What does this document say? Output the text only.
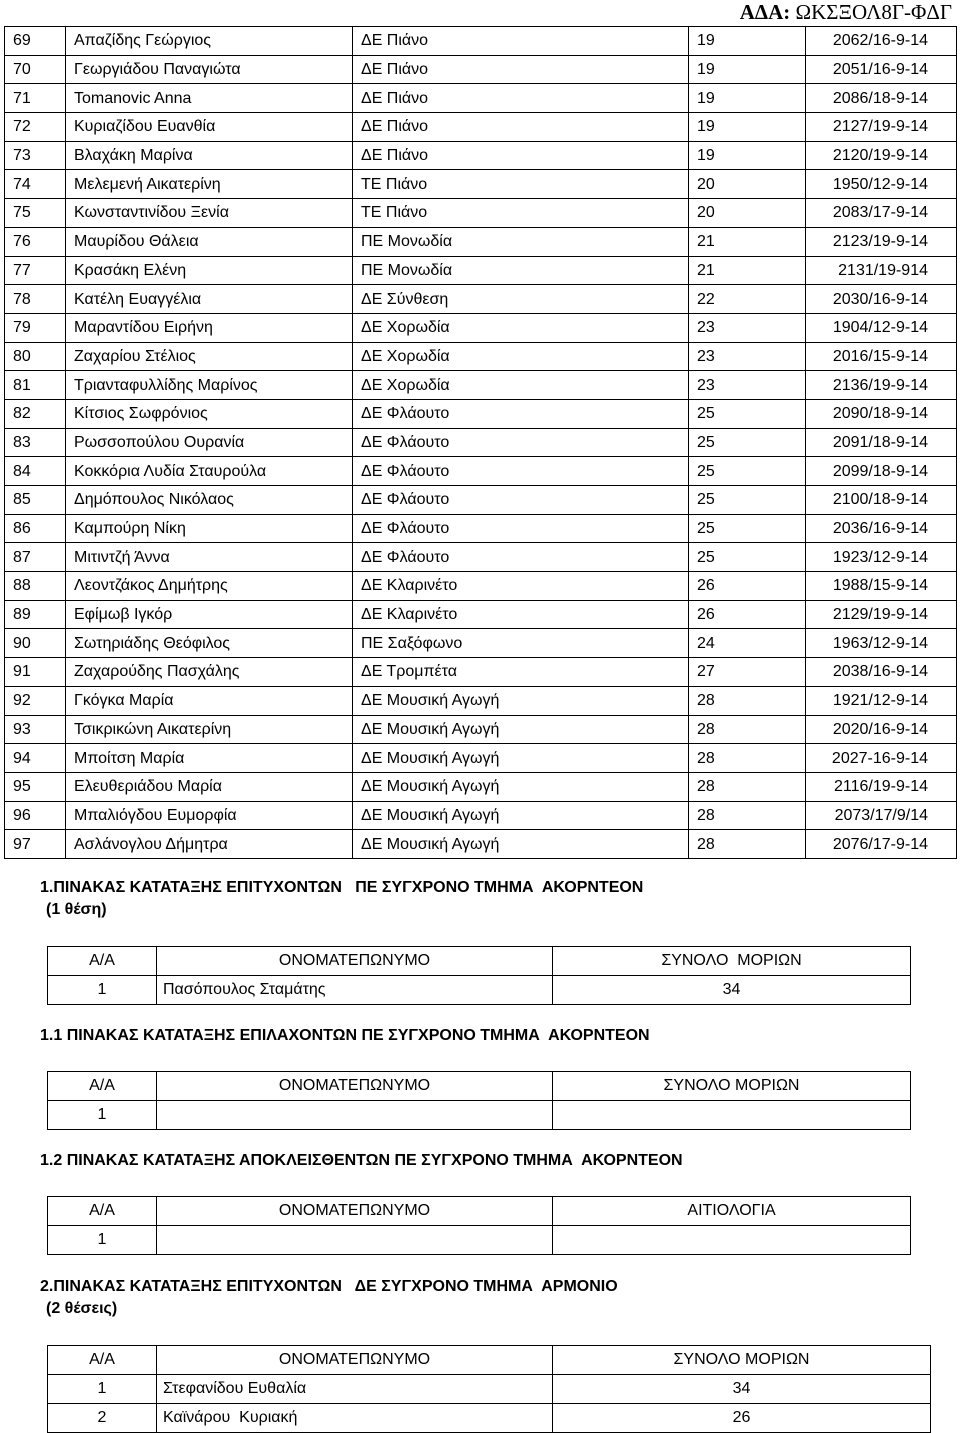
ΑΔΑ: ΩΚΣΞΟΛ8Γ-ΦΔΓ
69	Απαζίδης Γεώργιος	ΔΕ Πιάνο	19	2062/16-9-14
70	Γεωργιάδου Παναγιώτα	ΔΕ Πιάνο	19	2051/16-9-14
71	Tomanovic Anna	ΔΕ Πιάνο	19	2086/18-9-14
72	Κυριαζίδου Ευανθία	ΔΕ Πιάνο	19	2127/19-9-14
73	Βλαχάκη Μαρίνα	ΔΕ Πιάνο	19	2120/19-9-14
74	Μελεμενή Αικατερίνη	ΤΕ Πιάνο	20	1950/12-9-14
75	Κωνσταντινίδου Ξενία	ΤΕ Πιάνο	20	2083/17-9-14
76	Μαυρίδου Θάλεια	ΠΕ Μονωδία	21	2123/19-9-14
77	Κρασάκη Ελένη	ΠΕ Μονωδία	21	2131/19-914
78	Κατέλη Ευαγγέλια	ΔΕ Σύνθεση	22	2030/16-9-14
79	Μαραντίδου Ειρήνη	ΔΕ Χορωδία	23	1904/12-9-14
80	Ζαχαρίου Στέλιος	ΔΕ Χορωδία	23	2016/15-9-14
81	Τριανταφυλλίδης Μαρίνος	ΔΕ Χορωδία	23	2136/19-9-14
82	Κίτσιος Σωφρόνιος	ΔΕ Φλάουτο	25	2090/18-9-14
83	Ρωσσοπούλου Ουρανία	ΔΕ Φλάουτο	25	2091/18-9-14
84	Κοκκόρια Λυδία Σταυρούλα	ΔΕ Φλάουτο	25	2099/18-9-14
85	Δημόπουλος Νικόλαος	ΔΕ Φλάουτο	25	2100/18-9-14
86	Καμπούρη Νίκη	ΔΕ Φλάουτο	25	2036/16-9-14
87	Μιτιντζή Άννα	ΔΕ Φλάουτο	25	1923/12-9-14
88	Λεοντζάκος Δημήτρης	ΔΕ Κλαρινέτο	26	1988/15-9-14
89	Εφίμωβ Ιγκόρ	ΔΕ Κλαρινέτο	26	2129/19-9-14
90	Σωτηριάδης Θεόφιλος	ΠΕ Σαξόφωνο	24	1963/12-9-14
91	Ζαχαρούδης Πασχάλης	ΔΕ Τρομπέτα	27	2038/16-9-14
92	Γκόγκα Μαρία	ΔΕ Μουσική Αγωγή	28	1921/12-9-14
93	Τσικρικώνη Αικατερίνη	ΔΕ Μουσική Αγωγή	28	2020/16-9-14
94	Μποίτση Μαρία	ΔΕ Μουσική Αγωγή	28	2027-16-9-14
95	Ελευθεριάδου Μαρία	ΔΕ Μουσική Αγωγή	28	2116/19-9-14
96	Μπαλιόγδου Ευμορφία	ΔΕ Μουσική Αγωγή	28	2073/17/9/14
97	Ασλάνογλου Δήμητρα	ΔΕ Μουσική Αγωγή	28	2076/17-9-14
1.ΠΙΝΑΚΑΣ ΚΑΤΑΤΑΞΗΣ ΕΠΙΤΥΧΟΝΤΩΝ   ΠΕ ΣΥΓΧΡΟΝΟ ΤΜΗΜΑ  ΑΚΟΡΝΤΕΟΝ
(1 θέση)
Α/Α	ΟΝΟΜΑΤΕΠΩΝΥΜΟ	ΣΥΝΟΛΟ  ΜΟΡΙΩΝ
1	Πασόπουλος Σταμάτης	34
1.1 ΠΙΝΑΚΑΣ ΚΑΤΑΤΑΞΗΣ ΕΠΙΛΑΧΟΝΤΩΝ ΠΕ ΣΥΓΧΡΟΝΟ ΤΜΗΜΑ  ΑΚΟΡΝΤΕΟΝ
Α/Α	ΟΝΟΜΑΤΕΠΩΝΥΜΟ	ΣΥΝΟΛΟ ΜΟΡΙΩΝ
1		
1.2 ΠΙΝΑΚΑΣ ΚΑΤΑΤΑΞΗΣ ΑΠΟΚΛΕΙΣΘΕΝΤΩΝ ΠΕ ΣΥΓΧΡΟΝΟ ΤΜΗΜΑ  ΑΚΟΡΝΤΕΟΝ
Α/Α	ΟΝΟΜΑΤΕΠΩΝΥΜΟ	ΑΙΤΙΟΛΟΓΙΑ
1		
2.ΠΙΝΑΚΑΣ ΚΑΤΑΤΑΞΗΣ ΕΠΙΤΥΧΟΝΤΩΝ   ΔΕ ΣΥΓΧΡΟΝΟ ΤΜΗΜΑ  ΑΡΜΟΝΙΟ
(2 θέσεις)
Α/Α	ΟΝΟΜΑΤΕΠΩΝΥΜΟ	ΣΥΝΟΛΟ ΜΟΡΙΩΝ
1	Στεφανίδου Ευθαλία	34
2	Καϊνάρου  Κυριακή	26
